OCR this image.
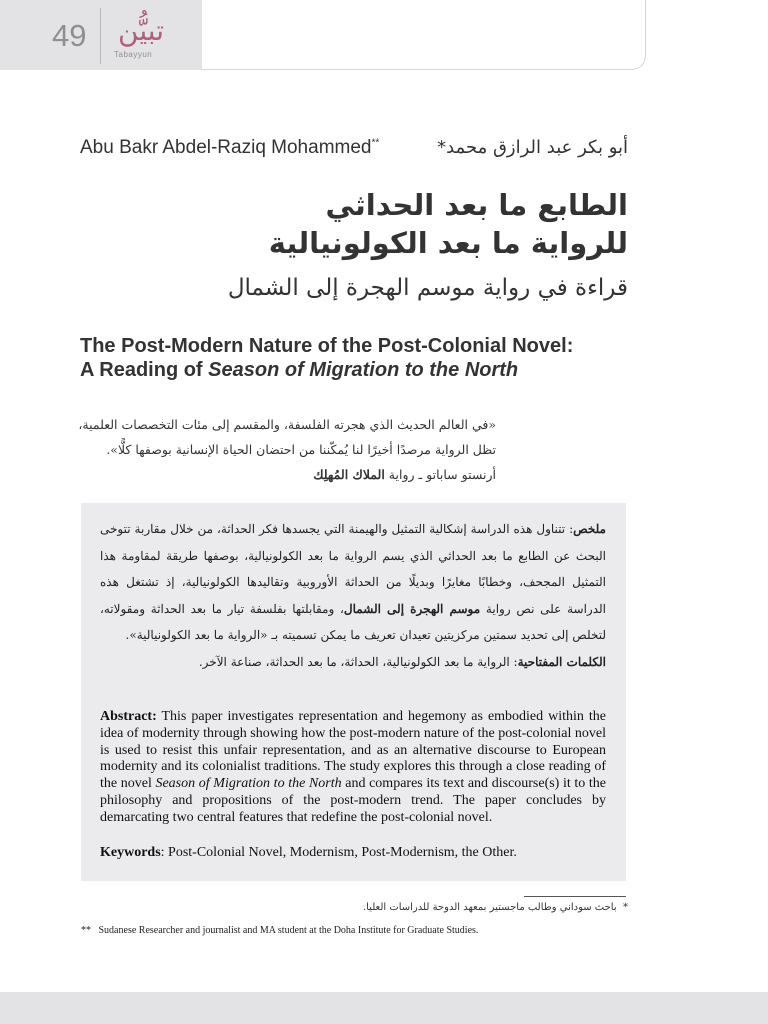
49 تبيُّن
Tabayyun
Abu Bakr Abdel-Raziq Mohammed**	أبو بكر عبد الرازق محمد*
الطابع ما بعد الحداثي
للرواية ما بعد الكولونيالية
قراءة في رواية موسم الهجرة إلى الشمال
The Post-Modern Nature of the Post-Colonial Novel:
A Reading of Season of Migration to the North
«في العالم الحديث الذي هجرته الفلسفة، والمقسم إلى مئات التخصصات العلمية،
تظل الرواية مرصدًا أخيرًا لنا يُمكّننا من احتضان الحياة الإنسانية بوصفها كلًّا».
أرنستو ساباتو ـ رواية الملاك المُهلِك
ملخص: تتناول هذه الدراسة إشكالية التمثيل والهيمنة التي يجسدها فكر الحداثة، من خلال مقاربة تتوخى البحث عن الطابع ما بعد الحداثي الذي يسم الرواية ما بعد الكولونيالية، بوصفها طريقة لمقاومة هذا التمثيل المجحف، وخطابًا مغايرًا وبديلًا من الحداثة الأوروبية وتقاليدها الكولونيالية، إذ تشتغل هذه الدراسة على نص رواية موسم الهجرة إلى الشمال، ومقابلتها بفلسفة تيار ما بعد الحداثة ومقولاته، لتخلص إلى تحديد سمتين مركزيتين تعيدان تعريف ما يمكن تسميته بـ «الرواية ما بعد الكولونيالية».
الكلمات المفتاحية: الرواية ما بعد الكولونيالية، الحداثة، ما بعد الحداثة، صناعة الآخر.
Abstract: This paper investigates representation and hegemony as embodied within the idea of modernity through showing how the post-modern nature of the post-colonial novel is used to resist this unfair representation, and as an alternative discourse to European modernity and its colonialist traditions. The study explores this through a close reading of the novel Season of Migration to the North and compares its text and discourse(s) it to the philosophy and propositions of the post-modern trend. The paper concludes by demarcating two central features that redefine the post-colonial novel.
Keywords: Post-Colonial Novel, Modernism, Post-Modernism, the Other.
*  باحث سوداني وطالب ماجستير بمعهد الدوحة للدراسات العليا.
** Sudanese Researcher and journalist and MA student at the Doha Institute for Graduate Studies.
